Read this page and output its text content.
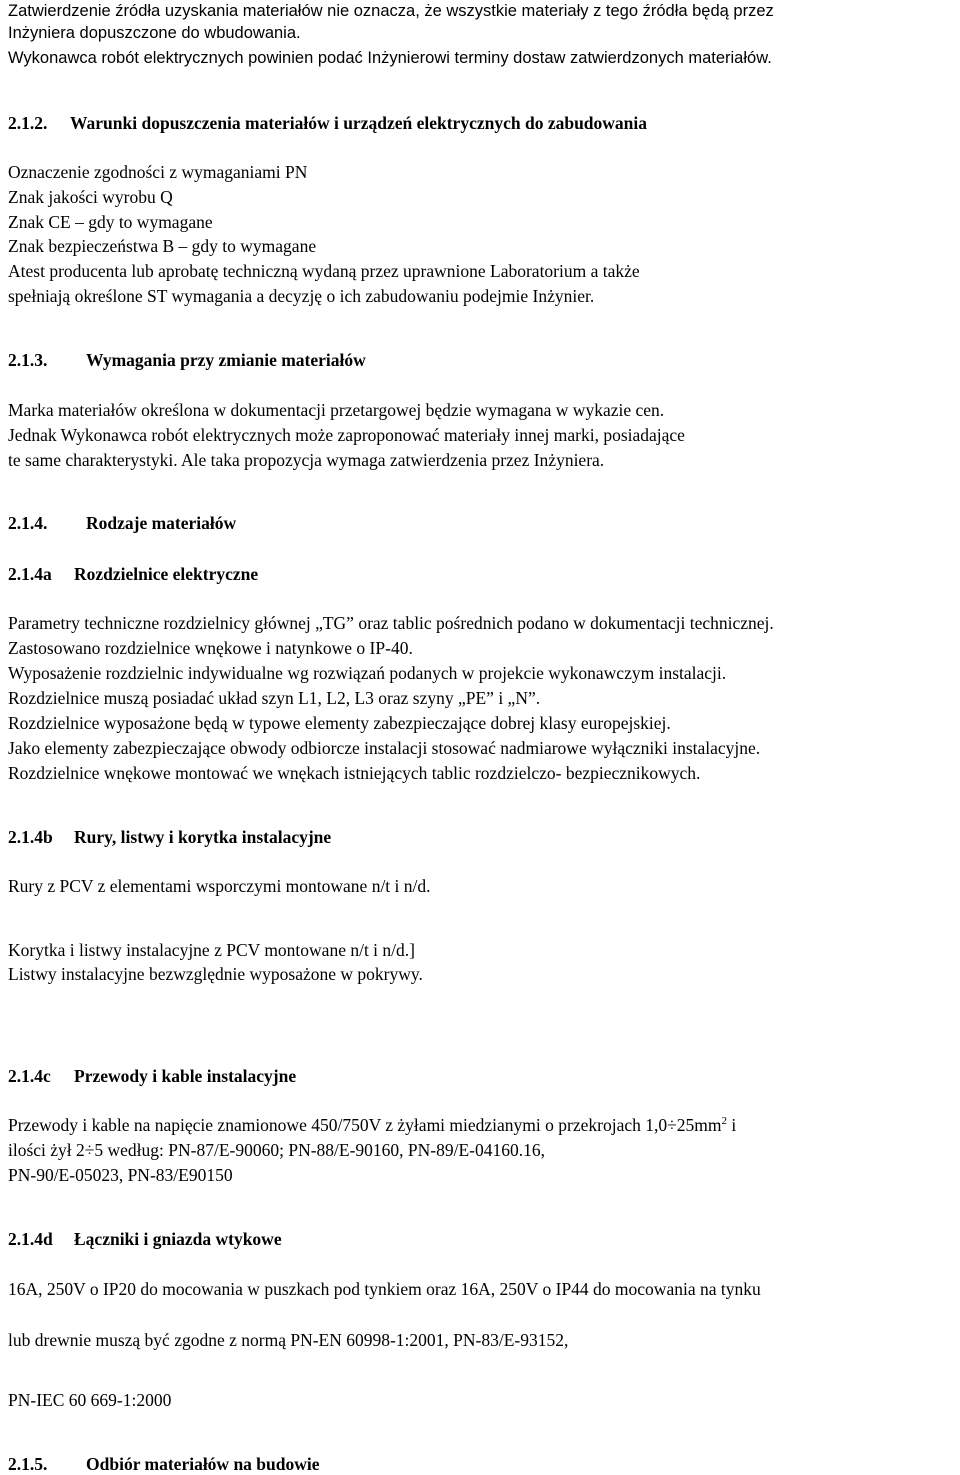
Zatwierdzenie źródła uzyskania materiałów nie oznacza, że wszystkie materiały z tego źródła będą przez
Inżyniera dopuszczone do wbudowania.
Wykonawca robót elektrycznych powinien podać Inżynierowi terminy dostaw zatwierdzonych materiałów.
2.1.2. Warunki dopuszczenia materiałów i urządzeń elektrycznych do zabudowania
Oznaczenie zgodności z wymaganiami PN
Znak jakości wyrobu Q
Znak CE – gdy to wymagane
Znak bezpieczeństwa B – gdy to wymagane
Atest producenta lub aprobatę techniczną wydaną przez uprawnione Laboratorium a także
spełniają określone ST wymagania a decyzję o ich zabudowaniu podejmie Inżynier.
2.1.3. Wymagania przy zmianie materiałów
Marka materiałów określona w dokumentacji przetargowej będzie wymagana w wykazie cen.
Jednak Wykonawca robót elektrycznych może zaproponować materiały innej marki, posiadające
te same charakterystyki. Ale taka propozycja wymaga zatwierdzenia przez Inżyniera.
2.1.4. Rodzaje materiałów
2.1.4a Rozdzielnice elektryczne
Parametry techniczne rozdzielnicy głównej „TG” oraz tablic pośrednich podano w dokumentacji technicznej.
Zastosowano rozdzielnice wnękowe i natynkowe o IP-40.
Wyposażenie rozdzielnic indywidualne wg rozwiązań podanych w projekcie wykonawczym instalacji.
Rozdzielnice muszą posiadać układ szyn L1, L2, L3 oraz szyny „PE” i „N”.
Rozdzielnice wyposażone będą w typowe elementy zabezpieczające dobrej klasy europejskiej.
Jako elementy zabezpieczające obwody odbiorcze instalacji stosować nadmiarowe wyłączniki instalacyjne.
Rozdzielnice wnękowe montować we wnękach istniejących tablic rozdzielczo- bezpiecznikowych.
2.1.4b Rury, listwy i korytka instalacyjne
Rury z PCV z elementami wsporczymi montowane n/t i n/d.
Korytka i listwy instalacyjne z PCV montowane n/t i n/d.]
Listwy instalacyjne bezwzględnie wyposażone w pokrywy.
2.1.4c Przewody i kable instalacyjne
Przewody i kable na napięcie znamionowe 450/750V z żyłami miedzianymi o przekrojach $1,0\div 25mm^2$ i
ilości żył 2÷5 według: PN-87/E-90060; PN-88/E-90160, PN-89/E-04160.16,
PN-90/E-05023, PN-83/E90150
2.1.4d Łączniki i gniazda wtykowe
16A, 250V o IP20 do mocowania w puszkach pod tynkiem oraz 16A, 250V o IP44 do mocowania na tynku
lub drewnie muszą być zgodne z normą PN-EN 60998-1:2001, PN-83/E-93152,
PN-IEC 60 669-1:2000
2.1.5. Odbiór materiałów na budowie
